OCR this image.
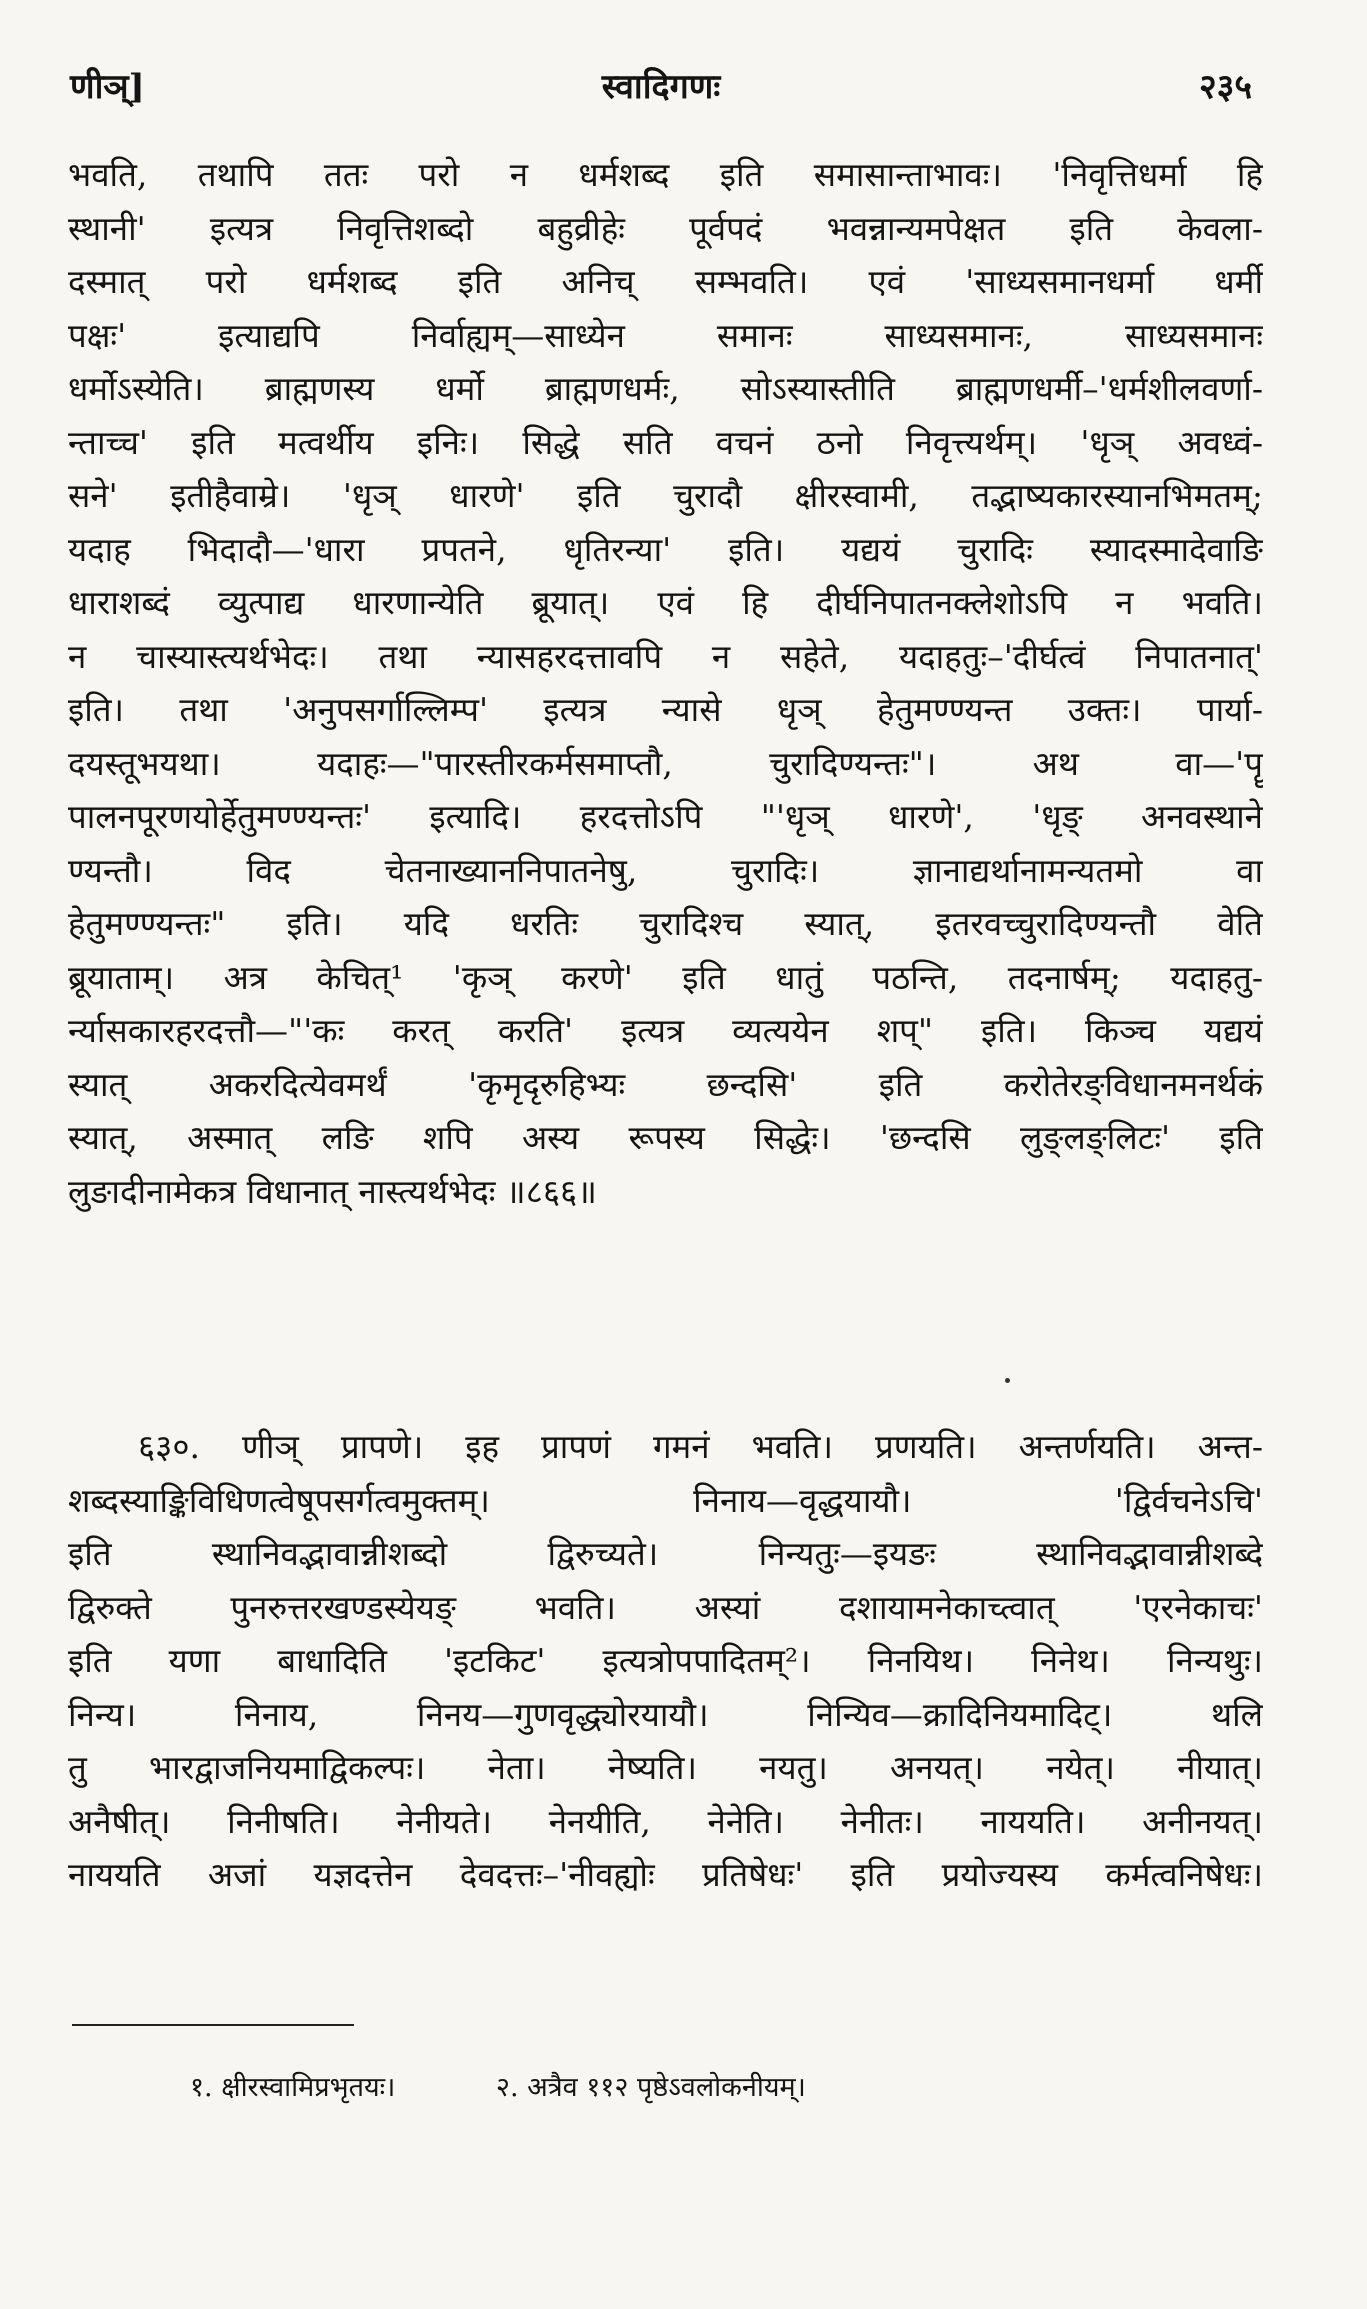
णीञ्]	स्वादिगणः	२३५
भवति, तथापि ततः परो न धर्मशब्द इति समासान्ताभावः। 'निवृत्तिधर्मा हि
स्थानी' इत्यत्र निवृत्तिशब्दो बहुव्रीहेः पूर्वपदं भवन्नान्यमपेक्षत इति केवला-
दस्मात् परो धर्मशब्द इति अनिच् सम्भवति। एवं 'साध्यसमानधर्मा धर्मी
पक्षः' इत्याद्यपि निर्वाह्यम्—साध्येन समानः साध्यसमानः, साध्यसमानः
धर्मोऽस्येति। ब्राह्मणस्य धर्मो ब्राह्मणधर्मः, सोऽस्यास्तीति ब्राह्मणधर्मी–'धर्मशीलवर्णा-
न्ताच्च' इति मत्वर्थीय इनिः। सिद्धे सति वचनं ठनो निवृत्त्यर्थम्। 'धृञ् अवध्वं-
सने' इतीहैवाम्रे। 'धृञ् धारणे' इति चुरादौ क्षीरस्वामी, तद्भाष्यकारस्यानभिमतम्;
यदाह भिदादौ—'धारा प्रपतने, धृतिरन्या' इति। यद्ययं चुरादिः स्यादस्मादेवाङि
धाराशब्दं व्युत्पाद्य धारणान्येति ब्रूयात्। एवं हि दीर्घनिपातनक्लेशोऽपि न भवति।
न चास्यास्त्यर्थभेदः। तथा न्यासहरदत्तावपि न सहेते, यदाहतुः–'दीर्घत्वं निपातनात्'
इति। तथा 'अनुपसर्गाल्लिम्प' इत्यत्र न्यासे धृञ् हेतुमण्ण्यन्त उक्तः। पार्या-
दयस्तूभयथा। यदाहः—"पारस्तीरकर्मसमाप्तौ, चुरादिण्यन्तः"। अथ वा—'पॄ
पालनपूरणयोर्हेतुमण्ण्यन्तः' इत्यादि। हरदत्तोऽपि "'धृञ् धारणे', 'धृङ् अनवस्थाने
ण्यन्तौ। विद चेतनाख्याननिपातनेषु, चुरादिः। ज्ञानाद्यर्थानामन्यतमो वा
हेतुमण्ण्यन्तः" इति। यदि धरतिः चुरादिश्च स्यात्, इतरवच्चुरादिण्यन्तौ वेति
ब्रूयाताम्। अत्र केचित्¹ 'कृञ् करणे' इति धातुं पठन्ति, तदनार्षम्; यदाहतु-
र्न्यासकारहरदत्तौ—"'कः करत् करति' इत्यत्र व्यत्ययेन शप्" इति। किञ्च यद्ययं
स्यात् अकरदित्येवमर्थं 'कृमृदृरुहिभ्यः छन्दसि' इति करोतेरङ्विधानमनर्थकं
स्यात्, अस्मात् लङि शपि अस्य रूपस्य सिद्धेः। 'छन्दसि लुङ्लङ्लिटः' इति
लुङादीनामेकत्र विधानात् नास्त्यर्थभेदः ॥८६६॥
६३०. णीञ् प्रापणे। इह प्रापणं गमनं भवति। प्रणयति। अन्तर्णयति। अन्त-
शब्दस्याङ्किविधिणत्वेषूपसर्गत्वमुक्तम्। निनाय—वृद्धयायौ। 'द्विर्वचनेऽचि'
इति स्थानिवद्भावान्नीशब्दो द्विरुच्यते। निन्यतुः—इयङः स्थानिवद्भावान्नीशब्दे
द्विरुक्ते पुनरुत्तरखण्डस्येयङ् भवति। अस्यां दशायामनेकाच्त्वात् 'एरनेकाचः'
इति यणा बाधादिति 'इटकिट' इत्यत्रोपपादितम्²। निनयिथ। निनेथ। निन्यथुः।
निन्य। निनाय, निनय—गुणवृद्ध्योरयायौ। निन्यिव—क्रादिनियमादिट्। थलि
तु भारद्वाजनियमाद्विकल्पः। नेता। नेष्यति। नयतु। अनयत्। नयेत्। नीयात्।
अनैषीत्। निनीषति। नेनीयते। नेनयीति, नेनेति। नेनीतः। नाययति। अनीनयत्।
नाययति अजां यज्ञदत्तेन देवदत्तः–'नीवह्योः प्रतिषेधः' इति प्रयोज्यस्य कर्मत्वनिषेधः।
१. क्षीरस्वामिप्रभृतयः।	२. अत्रैव ११२ पृष्ठेऽवलोकनीयम्।
